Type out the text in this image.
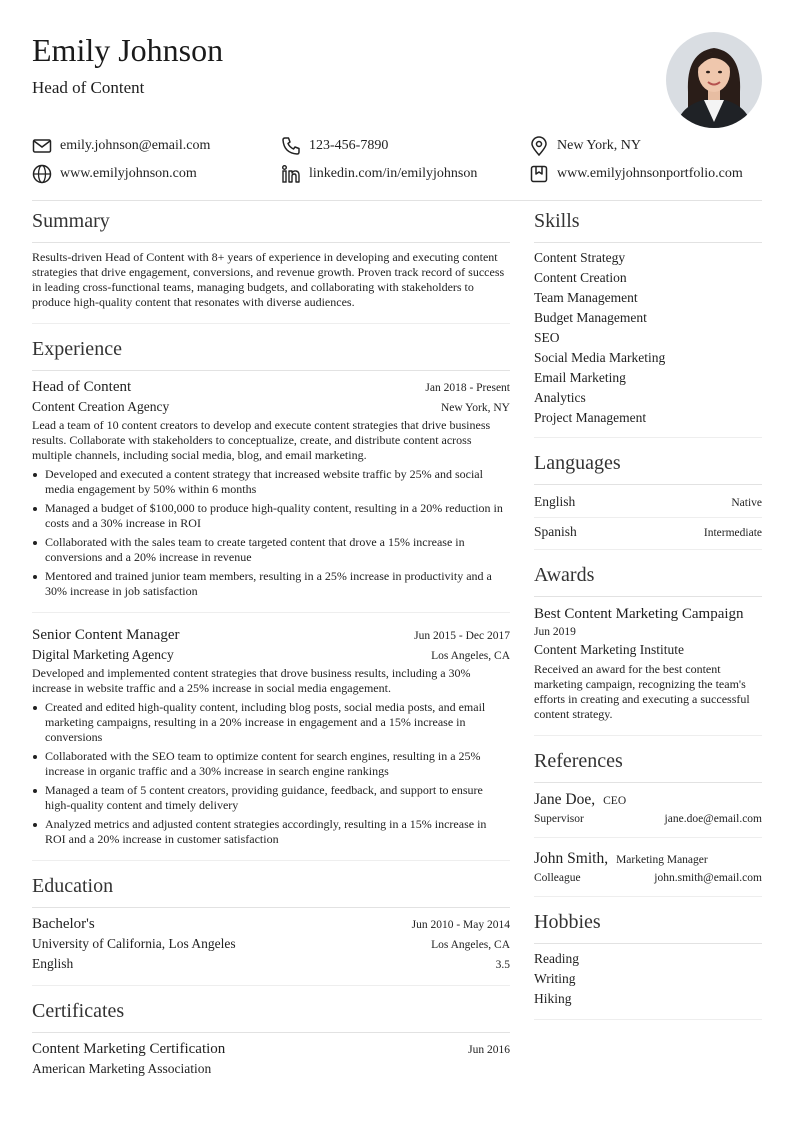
Emily Johnson
Head of Content
emily.johnson@email.com	123-456-7890	New York, NY
www.emilyjohnson.com	linkedin.com/in/emilyjohnson	www.emilyjohnsonportfolio.com
Summary
Results-driven Head of Content with 8+ years of experience in developing and executing content strategies that drive engagement, conversions, and revenue growth. Proven track record of success in leading cross-functional teams, managing budgets, and collaborating with stakeholders to produce high-quality content that resonates with diverse audiences.
Experience
Head of Content	Jan 2018 - Present
Content Creation Agency	New York, NY
Lead a team of 10 content creators to develop and execute content strategies that drive business results. Collaborate with stakeholders to conceptualize, create, and distribute content across multiple channels, including social media, blog, and email marketing.
Developed and executed a content strategy that increased website traffic by 25% and social media engagement by 50% within 6 months
Managed a budget of $100,000 to produce high-quality content, resulting in a 20% reduction in costs and a 30% increase in ROI
Collaborated with the sales team to create targeted content that drove a 15% increase in conversions and a 20% increase in revenue
Mentored and trained junior team members, resulting in a 25% increase in productivity and a 30% increase in job satisfaction
Senior Content Manager	Jun 2015 - Dec 2017
Digital Marketing Agency	Los Angeles, CA
Developed and implemented content strategies that drove business results, including a 30% increase in website traffic and a 25% increase in social media engagement.
Created and edited high-quality content, including blog posts, social media posts, and email marketing campaigns, resulting in a 20% increase in engagement and a 15% increase in conversions
Collaborated with the SEO team to optimize content for search engines, resulting in a 25% increase in organic traffic and a 30% increase in search engine rankings
Managed a team of 5 content creators, providing guidance, feedback, and support to ensure high-quality content and timely delivery
Analyzed metrics and adjusted content strategies accordingly, resulting in a 15% increase in ROI and a 20% increase in customer satisfaction
Education
Bachelor's	Jun 2010 - May 2014
University of California, Los Angeles	Los Angeles, CA
English	3.5
Certificates
Content Marketing Certification	Jun 2016
American Marketing Association
Skills
Content Strategy
Content Creation
Team Management
Budget Management
SEO
Social Media Marketing
Email Marketing
Analytics
Project Management
Languages
English	Native
Spanish	Intermediate
Awards
Best Content Marketing Campaign
Jun 2019
Content Marketing Institute
Received an award for the best content marketing campaign, recognizing the team's efforts in creating and executing a successful content strategy.
References
Jane Doe, CEO
Supervisor	jane.doe@email.com
John Smith, Marketing Manager
Colleague	john.smith@email.com
Hobbies
Reading
Writing
Hiking
